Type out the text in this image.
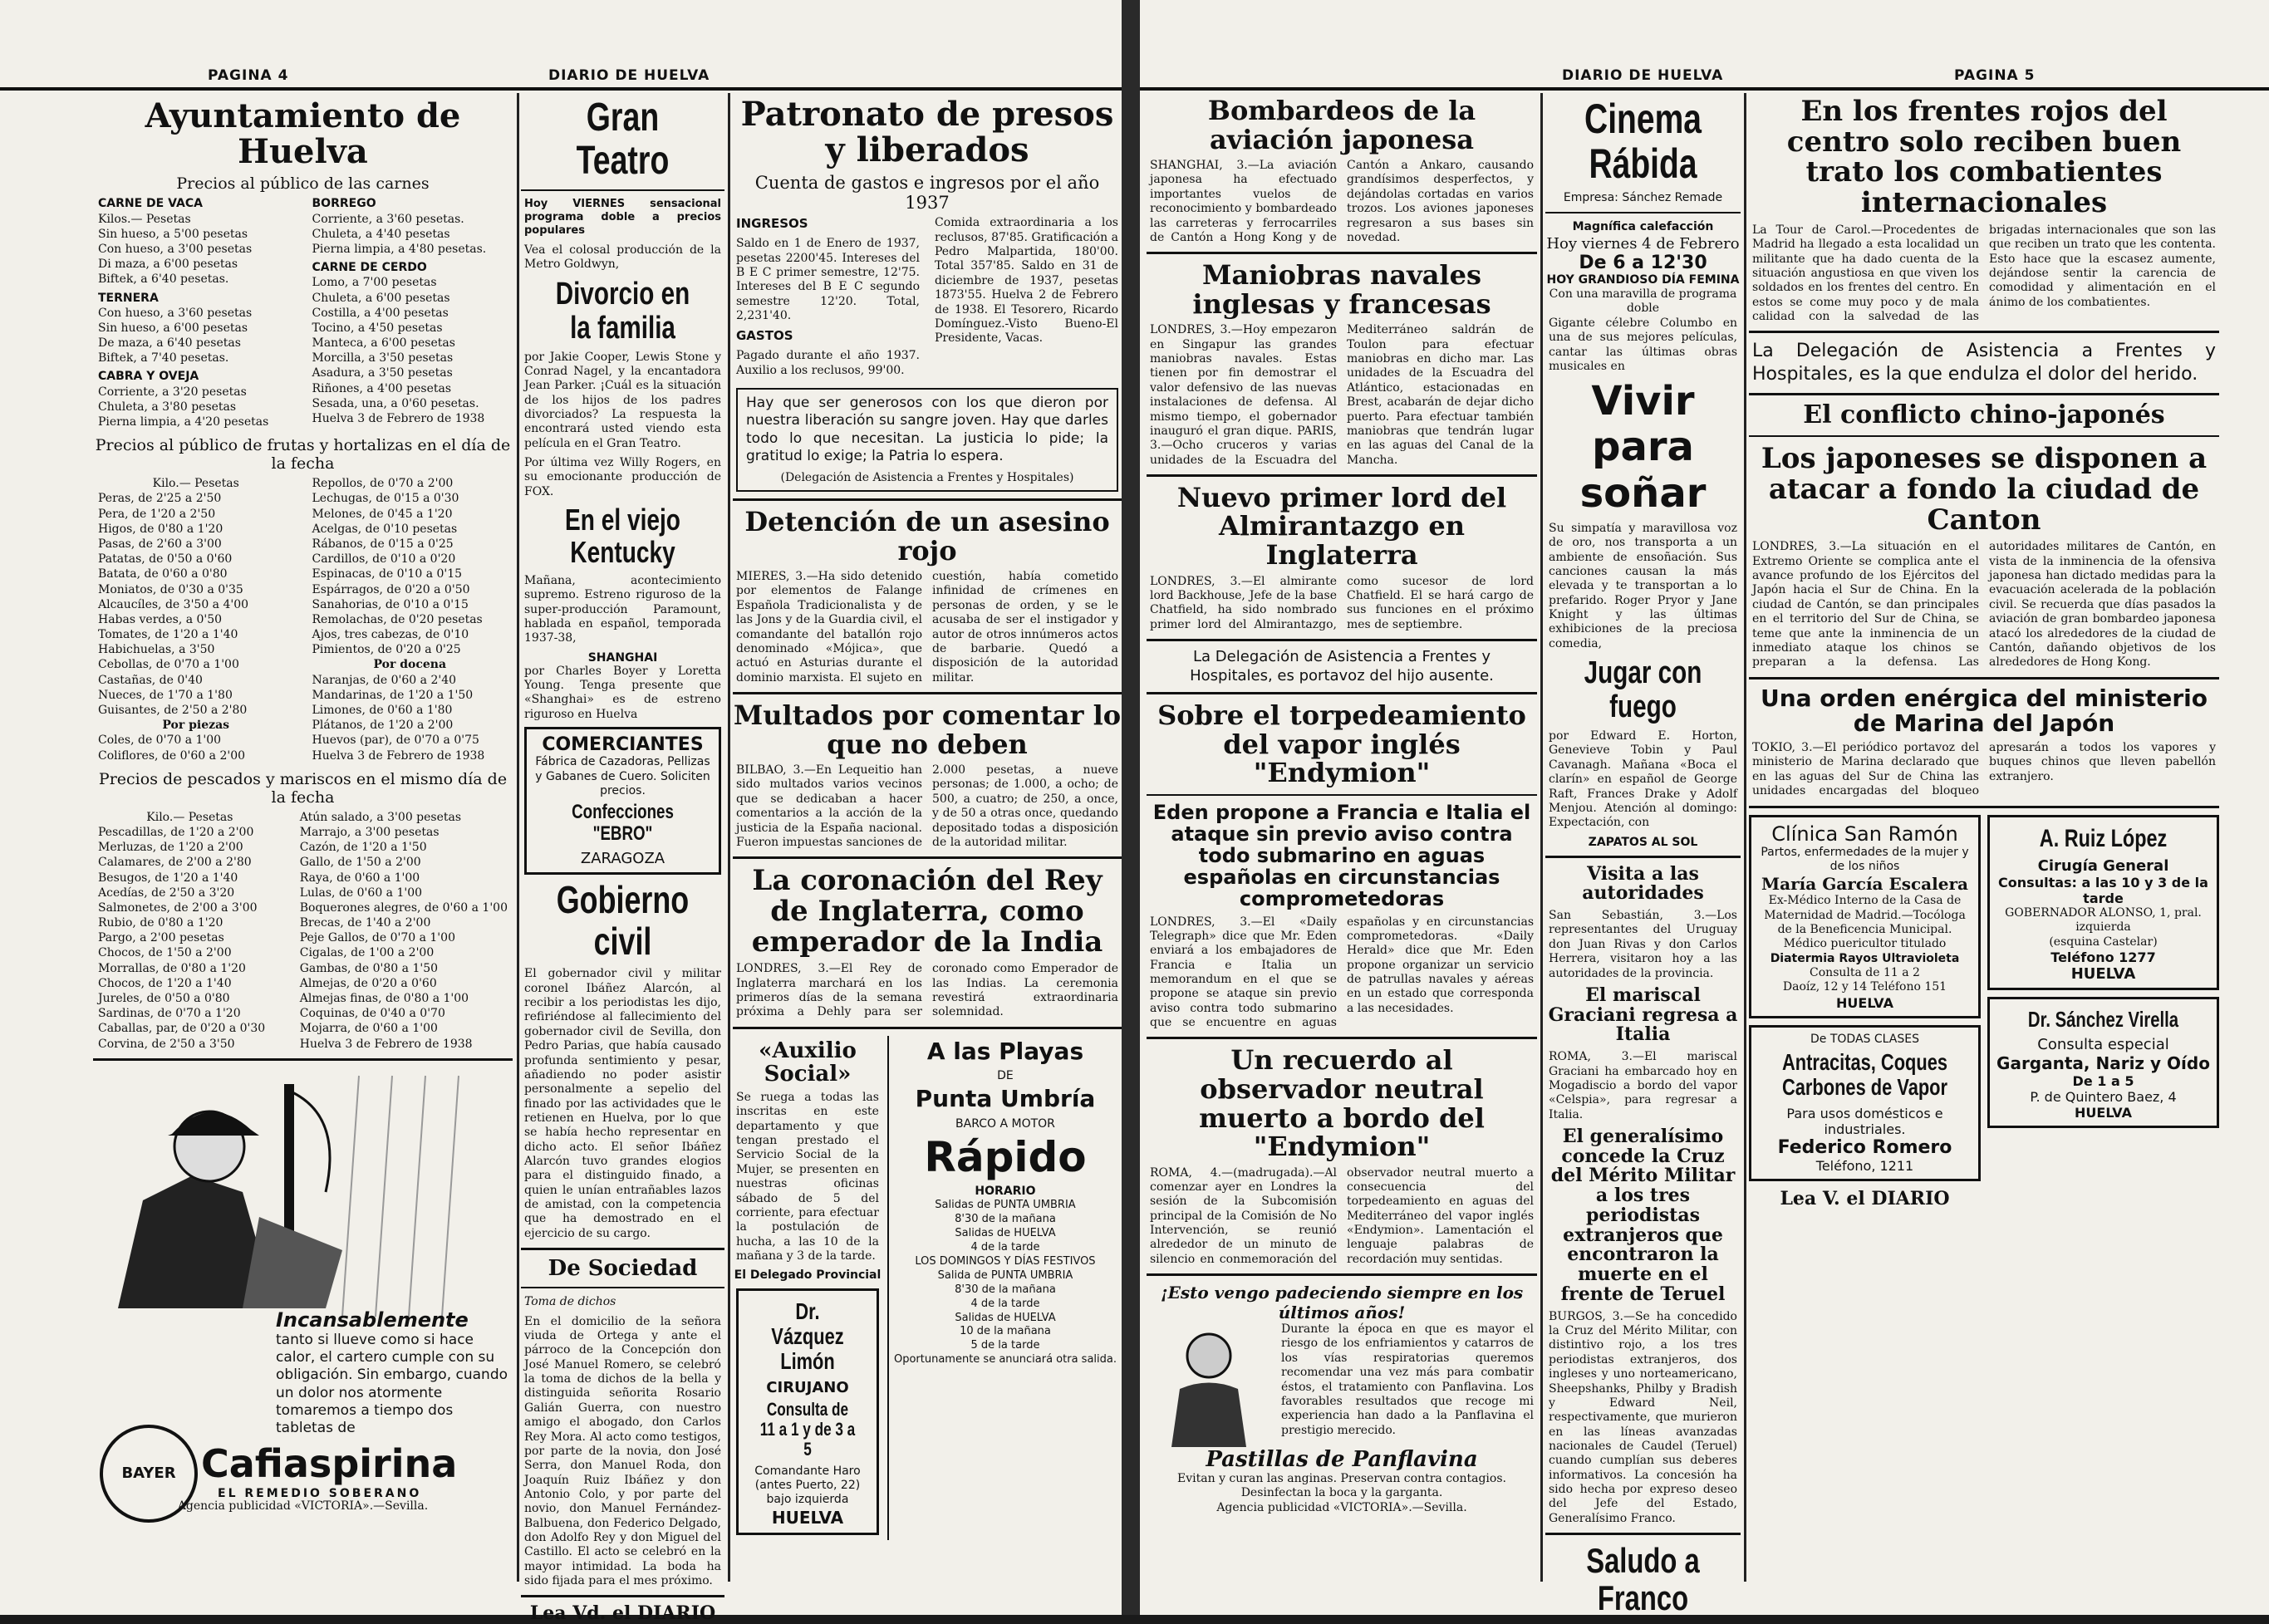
PAGINA 4	DIARIO DE HUELVA
Ayuntamiento de Huelva
Precios al público de las carnes
CARNE DE VACA
Kilos.— Pesetas
Sin hueso, a 5'00 pesetas
Con hueso, a 3'00 pesetas
Di maza, a 6'00 pesetas
Biftek, a 6'40 pesetas.
TERNERA
Con hueso, a 3'60 pesetas
Sin hueso, a 6'00 pesetas
De maza, a 6'40 pesetas
Biftek, a 7'40 pesetas.
CABRA Y OVEJA
Corriente, a 3'20 pesetas
Chuleta, a 3'80 pesetas
Pierna limpia, a 4'20 pesetas
BORREGO
Corriente, a 3'60 pesetas.
Chuleta, a 4'40 pesetas
Pierna limpia, a 4'80 pesetas.
CARNE DE CERDO
Lomo, a 7'00 pesetas
Chuleta, a 6'00 pesetas
Costilla, a 4'00 pesetas
Tocino, a 4'50 pesetas
Manteca, a 6'00 pesetas
Morcilla, a 3'50 pesetas
Asadura, a 3'50 pesetas
Riñones, a 4'00 pesetas
Sesada, una, a 0'60 pesetas.
Huelva 3 de Febrero de 1938
Precios al público de frutas y hortalizas en el día de la fecha
Kilo.— Pesetas
Peras, de 2'25 a 2'50
Pera, de 1'20 a 2'50
Higos, de 0'80 a 1'20
Pasas, de 2'60 a 3'00
Patatas, de 0'50 a 0'60
Batata, de 0'60 a 0'80
Moniatos, de 0'30 a 0'35
Alcaucíles, de 3'50 a 4'00
Habas verdes, a 0'50
Tomates, de 1'20 a 1'40
Habichuelas, a 3'50
Cebollas, de 0'70 a 1'00
Castañas, de 0'40
Nueces, de 1'70 a 1'80
Guisantes, de 2'50 a 2'80
Por piezas
Coles, de 0'70 a 1'00
Coliflores, de 0'60 a 2'00
Repollos, de 0'70 a 2'00
Lechugas, de 0'15 a 0'30
Melones, de 0'45 a 1'20
Acelgas, de 0'10 pesetas
Rábanos, de 0'15 a 0'25
Cardillos, de 0'10 a 0'20
Espinacas, de 0'10 a 0'15
Espárragos, de 0'20 a 0'50
Sanahorias, de 0'10 a 0'15
Remolachas, de 0'20 pesetas
Ajos, tres cabezas, de 0'10
Pimientos, de 0'20 a 0'25
Por docena
Naranjas, de 0'60 a 2'40
Mandarinas, de 1'20 a 1'50
Limones, de 0'60 a 1'80
Plátanos, de 1'20 a 2'00
Huevos (par), de 0'70 a 0'75
Huelva 3 de Febrero de 1938
Precios de pescados y mariscos en el mismo día de la fecha
Kilo.— Pesetas
Pescadillas, de 1'20 a 2'00
Merluzas, de 1'20 a 2'00
Calamares, de 2'00 a 2'80
Besugos, de 1'20 a 1'40
Acedías, de 2'50 a 3'20
Salmonetes, de 2'00 a 3'00
Rubio, de 0'80 a 1'20
Pargo, a 2'00 pesetas
Chocos, de 1'50 a 2'00
Morrallas, de 0'80 a 1'20
Chocos, de 1'20 a 1'40
Jureles, de 0'50 a 0'80
Sardinas, de 0'70 a 1'20
Caballas, par, de 0'20 a 0'30
Corvina, de 2'50 a 3'50
Atún salado, a 3'00 pesetas
Marrajo, a 3'00 pesetas
Cazón, de 1'20 a 1'50
Gallo, de 1'50 a 2'00
Raya, de 0'60 a 1'00
Lulas, de 0'60 a 1'00
Boquerones alegres, de 0'60 a 1'00
Brecas, de 1'40 a 2'00
Peje Gallos, de 0'70 a 1'00
Cigalas, de 1'00 a 2'00
Gambas, de 0'80 a 1'50
Almejas, de 0'20 a 0'60
Almejas finas, de 0'80 a 1'00
Coquinas, de 0'40 a 0'70
Mojarra, de 0'60 a 1'00
Huelva 3 de Febrero de 1938
Incansablemente
tanto si llueve como si hace calor, el cartero cumple con su obligación. Sin embargo, cuando un dolor nos atormente tomaremos a tiempo dos tabletas de
BAYER Cafiaspirina
EL REMEDIO SOBERANO
Agencia publicidad «VICTORIA».—Sevilla.
Gran Teatro
Hoy VIERNES sensacional programa doble a precios populares
Vea el colosal producción de la Metro Goldwyn,
Divorcio en la familia
por Jakie Cooper, Lewis Stone y Conrad Nagel, y la encantadora Jean Parker. ¡Cuál es la situación de los hijos de los padres divorciados? La respuesta la encontrará usted viendo esta película en el Gran Teatro.
Por última vez Willy Rogers, en su emocionante producción de FOX.
En el viejo Kentucky
Mañana, acontecimiento supremo. Estreno riguroso de la super-producción Paramount, hablada en español, temporada 1937-38,
SHANGHAI
por Charles Boyer y Loretta Young. Tenga presente que «Shanghai» es de estreno riguroso en Huelva
COMERCIANTES
Fábrica de Cazadoras, Pellizas y Gabanes de Cuero. Soliciten precios.
Confecciones "EBRO"
ZARAGOZA
Gobierno civil
El gobernador civil y militar coronel Ibáñez Alarcón, al recibir a los periodistas les dijo, refiriéndose al fallecimiento del gobernador civil de Sevilla, don Pedro Parias, que había causado profunda sentimiento y pesar, añadiendo no poder asistir personalmente a sepelio del finado por las actividades que le retienen en Huelva, por lo que se había hecho representar en dicho acto. El señor Ibáñez Alarcón tuvo grandes elogios para el distinguido finado, a quien le unían entrañables lazos de amistad, con la competencia que ha demostrado en el ejercicio de su cargo.
De Sociedad
Toma de dichos
En el domicilio de la señora viuda de Ortega y ante el párroco de la Concepción don José Manuel Romero, se celebró la toma de dichos de la bella y distinguida señorita Rosario Galián Guerra, con nuestro amigo el abogado, don Carlos Rey Mora. Al acto como testigos, por parte de la novia, don José Serra, don Manuel Roda, don Joaquín Ruiz Ibáñez y don Antonio Colo, y por parte del novio, don Manuel Fernández-Balbuena, don Federico Delgado, don Adolfo Rey y don Miguel del Castillo. El acto se celebró en la mayor intimidad. La boda ha sido fijada para el mes próximo.
Lea Vd. el DIARIO
Patronato de presos y liberados
Cuenta de gastos e ingresos por el año 1937
INGRESOS
Saldo en 1 de Enero de 1937, pesetas 2200'45. Intereses del B E C primer semestre, 12'75. Intereses del B E C segundo semestre 12'20. Total, 2,231'40.
GASTOS
Pagado durante el año 1937. Auxilio a los reclusos, 99'00.
Comida extraordinaria a los reclusos, 87'85. Gratificación a Pedro Malpartida, 180'00. Total 357'85. Saldo en 31 de diciembre de 1937, pesetas 1873'55. Huelva 2 de Febrero de 1938. El Tesorero, Ricardo Domínguez.-Visto Bueno-El Presidente, Vacas.
Hay que ser generosos con los que dieron por nuestra liberación su sangre joven. Hay que darles todo lo que necesitan. La justicia lo pide; la gratitud lo exige; la Patria lo espera.
(Delegación de Asistencia a Frentes y Hospitales)
Detención de un asesino rojo
MIERES, 3.—Ha sido detenido por elementos de Falange Española Tradicionalista y de las Jons y de la Guardia civil, el comandante del batallón rojo denominado «Mójica», que actuó en Asturias durante el dominio marxista. El sujeto en cuestión, había cometido infinidad de crímenes en personas de orden, y se le acusaba de ser el instigador y autor de otros innúmeros actos de barbarie. Quedó a disposición de la autoridad militar.
Multados por comentar lo que no deben
BILBAO, 3.—En Lequeitio han sido multados varios vecinos que se dedicaban a hacer comentarios a la acción de la justicia de la España nacional. Fueron impuestas sanciones de 2.000 pesetas, a nueve personas; de 1.000, a ocho; de 500, a cuatro; de 250, a once, y de 50 a otras once, quedando depositado todas a disposición de la autoridad militar.
La coronación del Rey de Inglaterra, como emperador de la India
LONDRES, 3.—El Rey de Inglaterra marchará en los primeros días de la semana próxima a Dehly para ser coronado como Emperador de las Indias. La ceremonia revestirá extraordinaria solemnidad.
«Auxilio Social»
Se ruega a todas las inscritas en este departamento y que tengan prestado el Servicio Social de la Mujer, se presenten en nuestras oficinas sábado de 5 del corriente, para efectuar la postulación de hucha, a las 10 de la mañana y 3 de la tarde.
El Delegado Provincial
Dr. Vázquez Limón
CIRUJANO
Consulta de 11 a 1 y de 3 a 5
Comandante Haro
(antes Puerto, 22)
bajo izquierda
HUELVA
A las Playas
DE
Punta Umbría
BARCO A MOTOR
Rápido
HORARIO
Salidas de PUNTA UMBRIA
8'30 de la mañana
Salidas de HUELVA
4 de la tarde
LOS DOMINGOS Y DÍAS FESTIVOS
Salida de PUNTA UMBRIA
8'30 de la mañana
4 de la tarde
Salidas de HUELVA
10 de la mañana
5 de la tarde
Oportunamente se anunciará otra salida.
DIARIO DE HUELVA	PAGINA 5
Bombardeos de la aviación japonesa
SHANGHAI, 3.—La aviación japonesa ha efectuado importantes vuelos de reconocimiento y bombardeado las carreteras y ferrocarriles de Cantón a Hong Kong y de Cantón a Ankaro, causando grandísimos desperfectos, y dejándolas cortadas en varios trozos. Los aviones japoneses regresaron a sus bases sin novedad.
Maniobras navales inglesas y francesas
LONDRES, 3.—Hoy empezaron en Singapur las grandes maniobras navales. Estas tienen por fin demostrar el valor defensivo de las nuevas instalaciones de defensa. Al mismo tiempo, el gobernador inauguró el gran dique. PARIS, 3.—Ocho cruceros y varias unidades de la Escuadra del Mediterráneo saldrán de Toulon para efectuar maniobras en dicho mar. Las unidades de la Escuadra del Atlántico, estacionadas en Brest, acabarán de dejar dicho puerto. Para efectuar también maniobras que tendrán lugar en las aguas del Canal de la Mancha.
Nuevo primer lord del Almirantazgo en Inglaterra
LONDRES, 3.—El almirante lord Backhouse, Jefe de la base Chatfield, ha sido nombrado primer lord del Almirantazgo, como sucesor de lord Chatfield. El se hará cargo de sus funciones en el próximo mes de septiembre.
La Delegación de Asistencia a Frentes y Hospitales, es portavoz del hijo ausente.
Sobre el torpedeamiento del vapor inglés "Endymion"
Eden propone a Francia e Italia el ataque sin previo aviso contra todo submarino en aguas españolas en circunstancias comprometedoras
LONDRES, 3.—El «Daily Telegraph» dice que Mr. Eden enviará a los embajadores de Francia e Italia un memorandum en el que se propone se ataque sin previo aviso contra todo submarino que se encuentre en aguas españolas y en circunstancias comprometedoras. «Daily Herald» dice que Mr. Eden propone organizar un servicio de patrullas navales y aéreas en un estado que corresponda a las necesidades.
Un recuerdo al observador neutral muerto a bordo del "Endymion"
ROMA, 4.—(madrugada).—Al comenzar ayer en Londres la sesión de la Subcomisión principal de la Comisión de No Intervención, se reunió alrededor de un minuto de silencio en conmemoración del observador neutral muerto a consecuencia del torpedeamiento en aguas del Mediterráneo del vapor inglés «Endymion». Lamentación el lenguaje palabras de recordación muy sentidas.
¡Esto vengo padeciendo siempre en los últimos años!
Durante la época en que es mayor el riesgo de los enfriamientos y catarros de los vías respiratorias queremos recomendar una vez más para combatir éstos, el tratamiento con Panflavina. Los favorables resultados que recoge mi experiencia han dado a la Panflavina el prestigio merecido.
Pastillas de Panflavina
Evitan y curan las anginas. Preservan contra contagios. Desinfectan la boca y la garganta.
Agencia publicidad «VICTORIA».—Sevilla.
Cinema Rábida
Empresa: Sánchez Remade
Magnífica calefacción
Hoy viernes 4 de Febrero
De 6 a 12'30
HOY GRANDIOSO DÍA FEMINA
Con una maravilla de programa doble
Gigante célebre Columbo en una de sus mejores películas, cantar las últimas obras musicales en
Vivir para soñar
Su simpatía y maravillosa voz de oro, nos transporta a un ambiente de ensoñación. Sus canciones causan la más elevada y te transportan a lo prefarido. Roger Pryor y Jane Knight y las últimas exhibiciones de la preciosa comedia,
Jugar con fuego
por Edward E. Horton, Genevieve Tobin y Paul Cavanagh. Mañana «Boca el clarín» en español de George Raft, Frances Drake y Adolf Menjou. Atención al domingo: Expectación, con
ZAPATOS AL SOL
Visita a las autoridades
San Sebastián, 3.—Los representantes del Uruguay don Juan Rivas y don Carlos Herrera, visitaron hoy a las autoridades de la provincia.
El mariscal Graciani regresa a Italia
ROMA, 3.—El mariscal Graciani ha embarcado hoy en Mogadiscio a bordo del vapor «Celspia», para regresar a Italia.
El generalísimo concede la Cruz del Mérito Militar a los tres periodistas extranjeros que encontraron la muerte en el frente de Teruel
BURGOS, 3.—Se ha concedido la Cruz del Mérito Militar, con distintivo rojo, a los tres periodistas extranjeros, dos ingleses y uno norteamericano, Sheepshanks, Philby y Bradish y Edward Neil, respectivamente, que murieron en las líneas avanzadas nacionales de Caudel (Teruel) cuando cumplían sus deberes informativos. La concesión ha sido hecha por expreso deseo del Jefe del Estado, Generalísimo Franco.
Saludo a Franco
En los frentes rojos del centro solo reciben buen trato los combatientes internacionales
La Tour de Carol.—Procedentes de Madrid ha llegado a esta localidad un militante que ha dado cuenta de la situación angustiosa en que viven los soldados en los frentes del centro. En estos se come muy poco y de mala calidad con la salvedad de las brigadas internacionales que son las que reciben un trato que les contenta. Esto hace que la escasez aumente, dejándose sentir la carencia de comodidad y alimentación en el ánimo de los combatientes.
La Delegación de Asistencia a Frentes y Hospitales, es la que endulza el dolor del herido.
El conflicto chino-japonés
Los japoneses se disponen a atacar a fondo la ciudad de Canton
LONDRES, 3.—La situación en el Extremo Oriente se complica ante el avance profundo de los Ejércitos del Japón hacia el Sur de China. En la ciudad de Cantón, se dan principales en el territorio del Sur de China, se teme que ante la inminencia de un inmediato ataque los chinos se preparan a la defensa. Las autoridades militares de Cantón, en vista de la inminencia de la ofensiva japonesa han dictado medidas para la evacuación acelerada de la población civil. Se recuerda que días pasados la aviación de gran bombardeo japonesa atacó los alrededores de la ciudad de Cantón, dañando objetivos de los alrededores de Hong Kong.
Una orden enérgica del ministerio de Marina del Japón
TOKIO, 3.—El periódico portavoz del ministerio de Marina declarado que en las aguas del Sur de China las unidades encargadas del bloqueo apresarán a todos los vapores y buques chinos que lleven pabellón extranjero.
Clínica San Ramón
Partos, enfermedades de la mujer y de los niños
María García Escalera
Ex-Médico Interno de la Casa de Maternidad de Madrid.—Tocóloga de la Beneficencia Municipal.
Médico puericultor titulado
Diatermia Rayos Ultravioleta
Consulta de 11 a 2
Daoíz, 12 y 14 Teléfono 151
HUELVA
De TODAS CLASES
Antracitas, Coques Carbones de Vapor
Para usos domésticos e industriales.
Federico Romero
Teléfono, 1211
Lea V. el DIARIO
A. Ruiz López
Cirugía General
Consultas: a las 10 y 3 de la tarde
GOBERNADOR ALONSO, 1, pral. izquierda
(esquina Castelar)
Teléfono 1277
HUELVA
Dr. Sánchez Virella
Consulta especial
Garganta, Nariz y Oído
De 1 a 5
P. de Quintero Baez, 4
HUELVA
